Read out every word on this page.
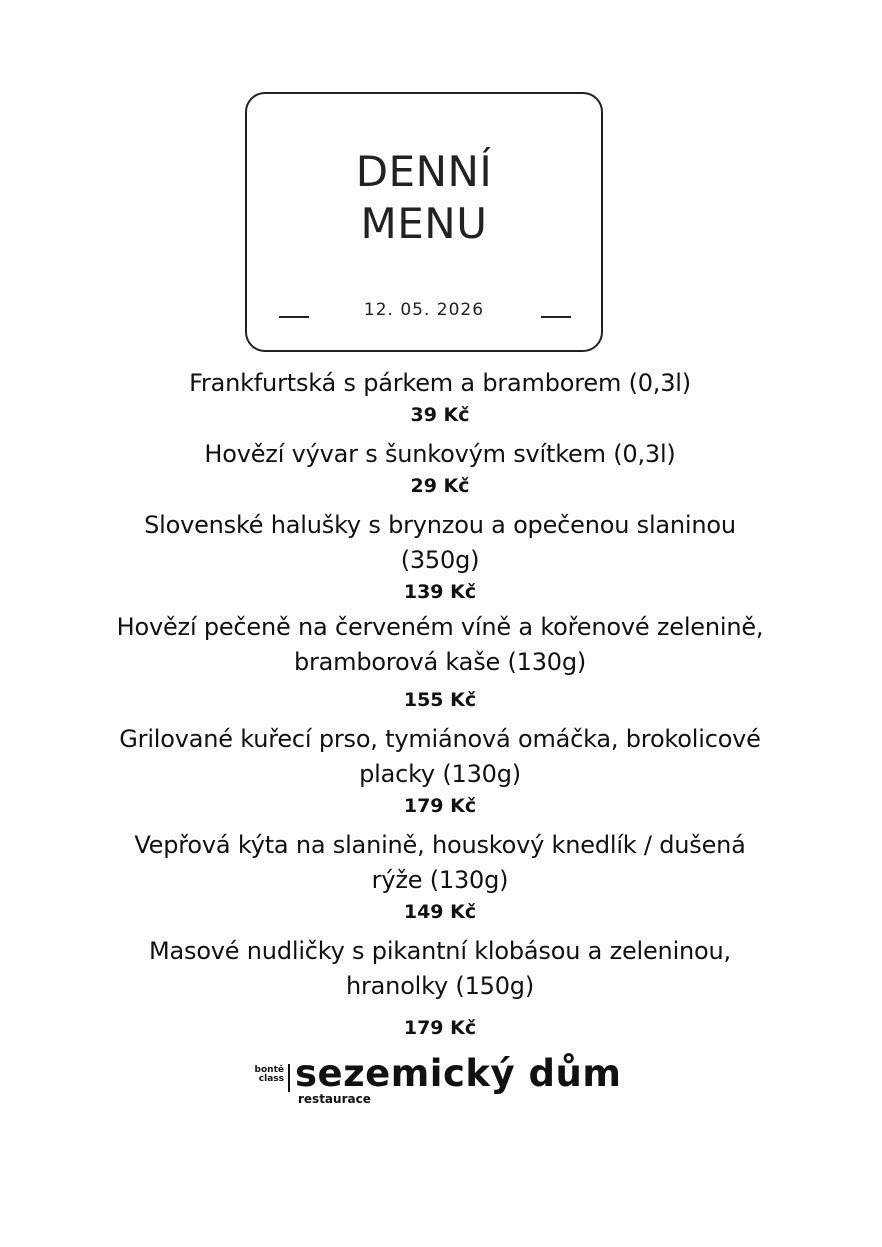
DENNÍ
MENU
12. 05. 2026
Frankfurtská s párkem a bramborem (0,3l)
39 Kč
Hovězí vývar s šunkovým svítkem (0,3l)
29 Kč
Slovenské halušky s brynzou a opečenou slaninou (350g)
139 Kč
Hovězí pečeně na červeném víně a kořenové zelenině, bramborová kaše (130g)
155 Kč
Grilované kuřecí prso, tymiánová omáčka, brokolicové placky (130g)
179 Kč
Vepřová kýta na slanině, houskový knedlík / dušená rýže (130g)
149 Kč
Masové nudličky s pikantní klobásou a zeleninou, hranolky (150g)
179 Kč
bontě
class sezemický dům
restaurace
